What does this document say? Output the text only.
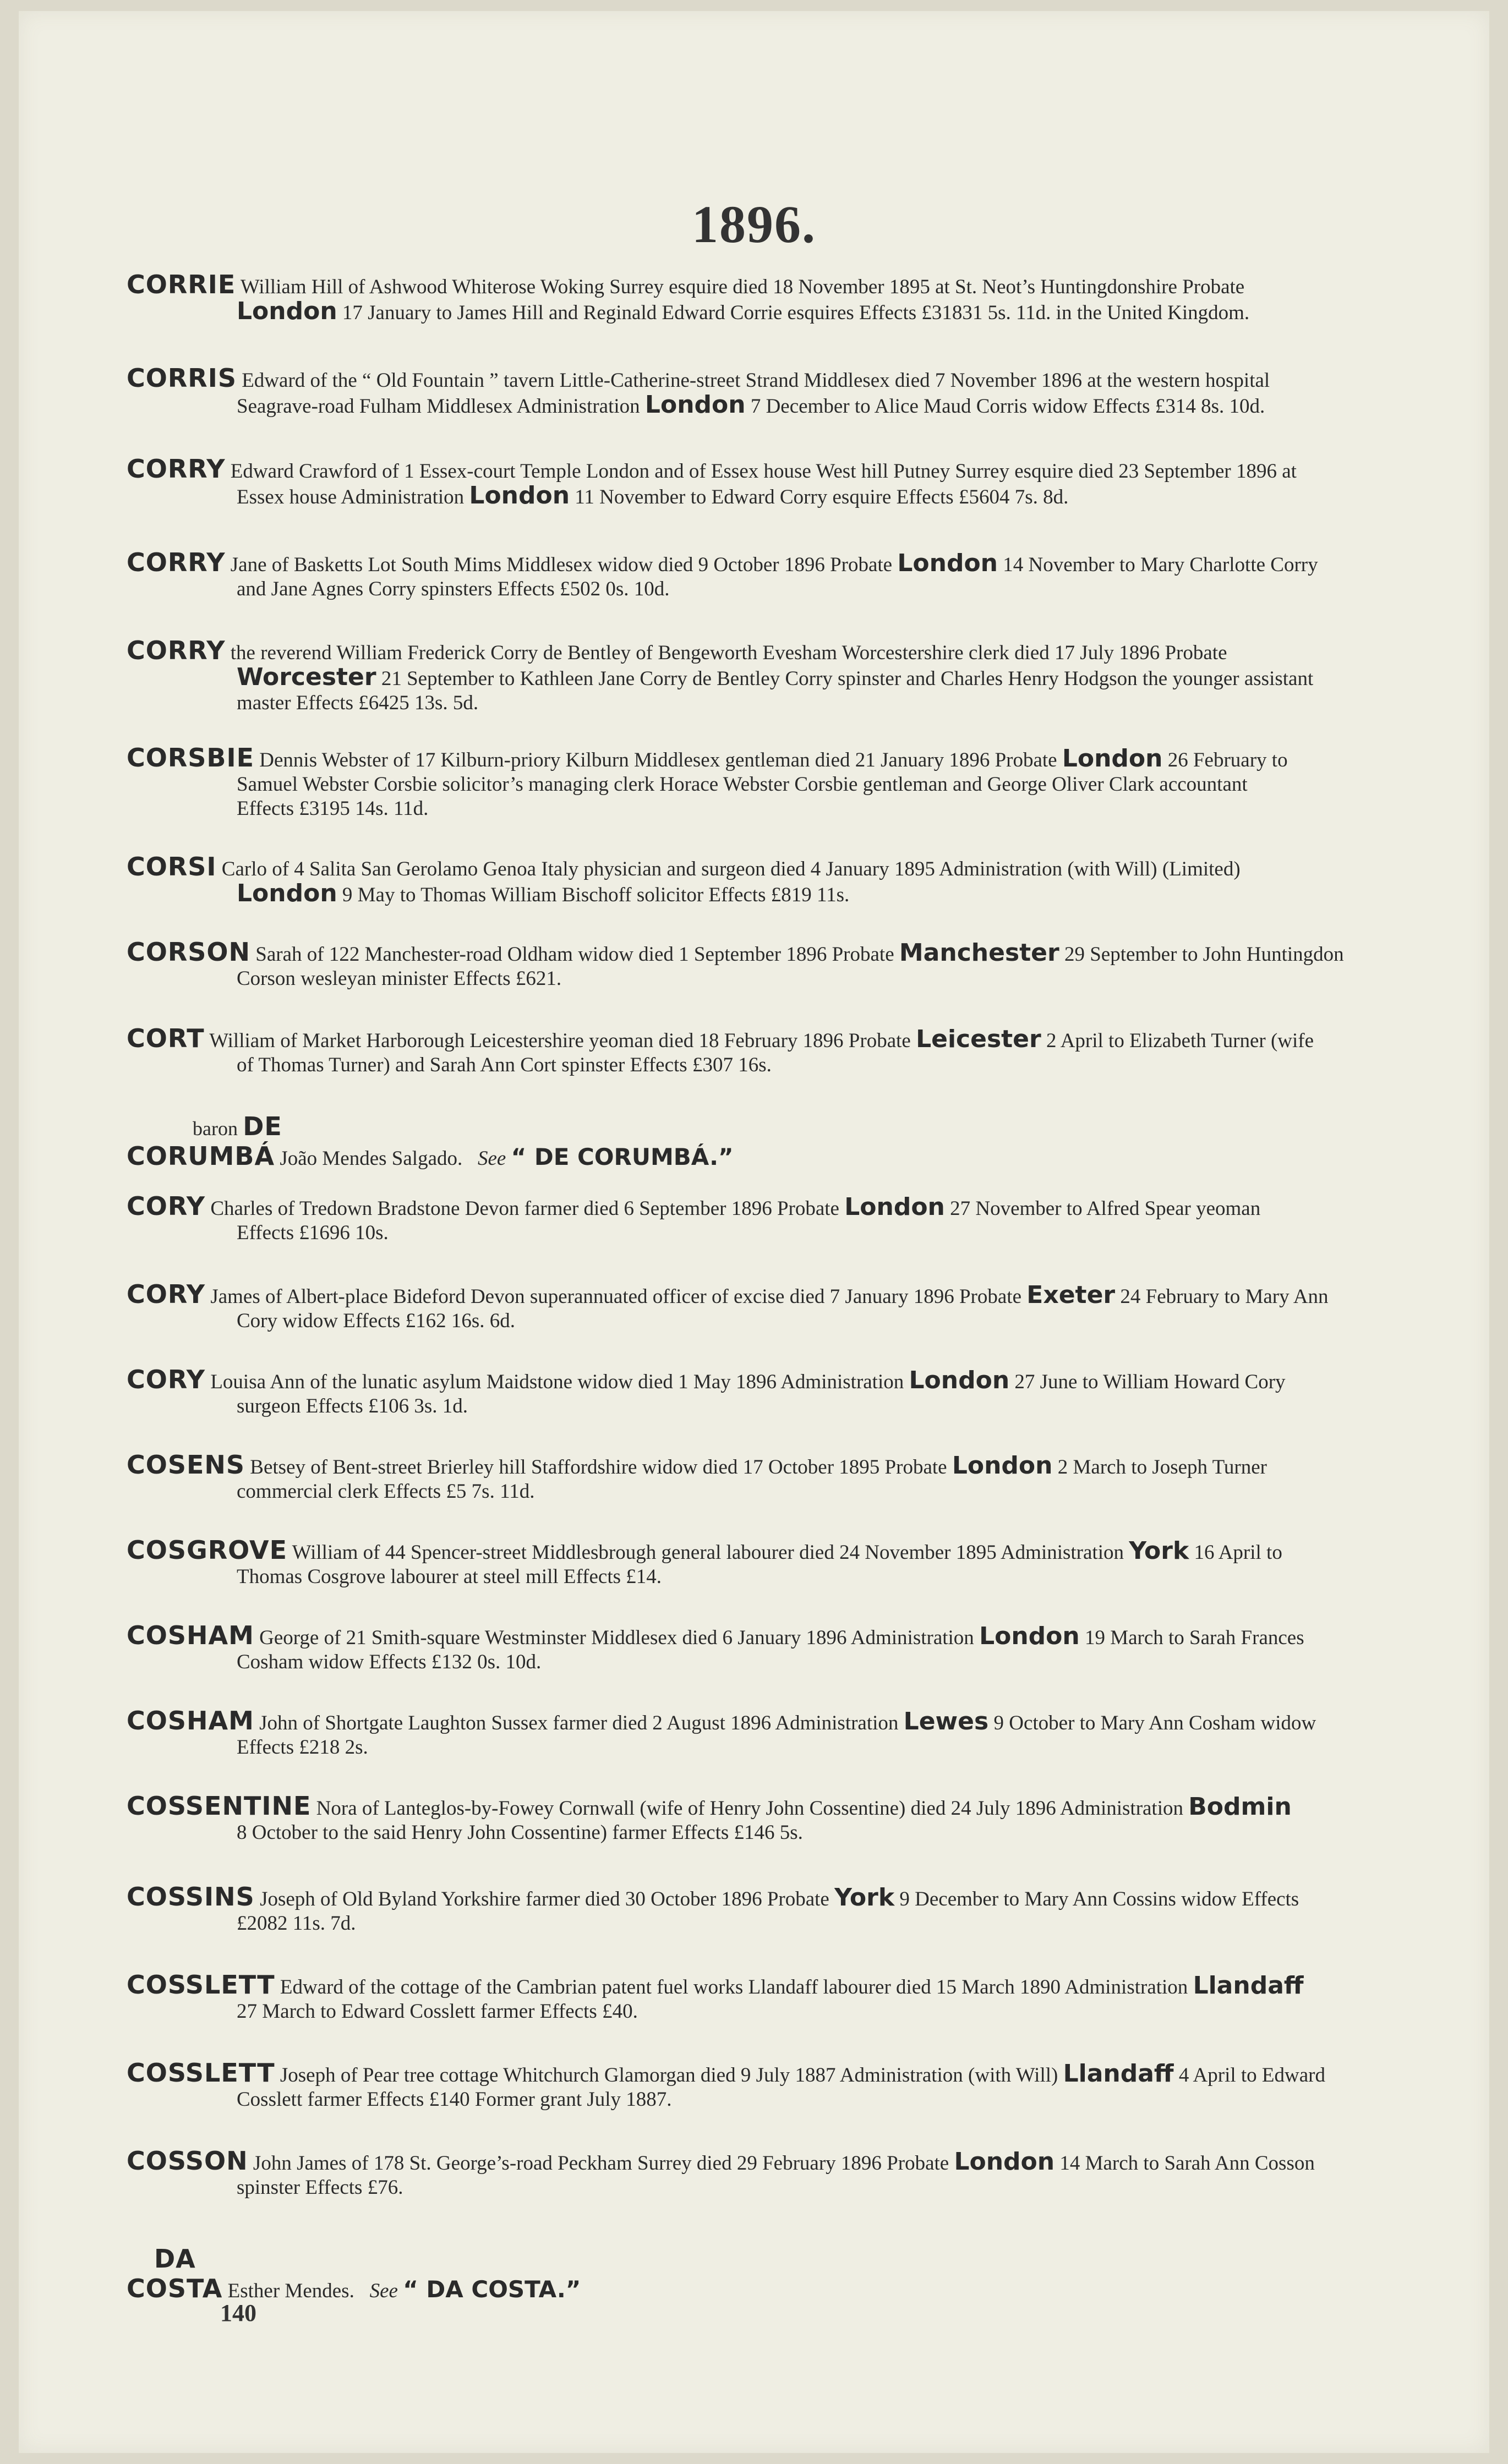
1896.
CORRIE William Hill of Ashwood Whiterose Woking Surrey esquire died 18 November 1895 at St. Neot’s Huntingdonshire Probate
London 17 January to James Hill and Reginald Edward Corrie esquires Effects £31831 5s. 11d. in the United Kingdom.
CORRIS Edward of the “ Old Fountain ” tavern Little-Catherine-street Strand Middlesex died 7 November 1896 at the western hospital
Seagrave-road Fulham Middlesex Administration London 7 December to Alice Maud Corris widow Effects £314 8s. 10d.
CORRY Edward Crawford of 1 Essex-court Temple London and of Essex house West hill Putney Surrey esquire died 23 September 1896 at
Essex house Administration London 11 November to Edward Corry esquire Effects £5604 7s. 8d.
CORRY Jane of Basketts Lot South Mims Middlesex widow died 9 October 1896 Probate London 14 November to Mary Charlotte Corry
and Jane Agnes Corry spinsters Effects £502 0s. 10d.
CORRY the reverend William Frederick Corry de Bentley of Bengeworth Evesham Worcestershire clerk died 17 July 1896 Probate
Worcester 21 September to Kathleen Jane Corry de Bentley Corry spinster and Charles Henry Hodgson the younger assistant
master Effects £6425 13s. 5d.
CORSBIE Dennis Webster of 17 Kilburn-priory Kilburn Middlesex gentleman died 21 January 1896 Probate London 26 February to
Samuel Webster Corsbie solicitor’s managing clerk Horace Webster Corsbie gentleman and George Oliver Clark accountant
Effects £3195 14s. 11d.
CORSI Carlo of 4 Salita San Gerolamo Genoa Italy physician and surgeon died 4 January 1895 Administration (with Will) (Limited)
London 9 May to Thomas William Bischoff solicitor Effects £819 11s.
CORSON Sarah of 122 Manchester-road Oldham widow died 1 September 1896 Probate Manchester 29 September to John Huntingdon
Corson wesleyan minister Effects £621.
CORT William of Market Harborough Leicestershire yeoman died 18 February 1896 Probate Leicester 2 April to Elizabeth Turner (wife
of Thomas Turner) and Sarah Ann Cort spinster Effects £307 16s.
baron DE
CORUMBÁ João Mendes Salgado. See “ DE CORUMBÁ.”
CORY Charles of Tredown Bradstone Devon farmer died 6 September 1896 Probate London 27 November to Alfred Spear yeoman
Effects £1696 10s.
CORY James of Albert-place Bideford Devon superannuated officer of excise died 7 January 1896 Probate Exeter 24 February to Mary Ann
Cory widow Effects £162 16s. 6d.
CORY Louisa Ann of the lunatic asylum Maidstone widow died 1 May 1896 Administration London 27 June to William Howard Cory
surgeon Effects £106 3s. 1d.
COSENS Betsey of Bent-street Brierley hill Staffordshire widow died 17 October 1895 Probate London 2 March to Joseph Turner
commercial clerk Effects £5 7s. 11d.
COSGROVE William of 44 Spencer-street Middlesbrough general labourer died 24 November 1895 Administration York 16 April to
Thomas Cosgrove labourer at steel mill Effects £14.
COSHAM George of 21 Smith-square Westminster Middlesex died 6 January 1896 Administration London 19 March to Sarah Frances
Cosham widow Effects £132 0s. 10d.
COSHAM John of Shortgate Laughton Sussex farmer died 2 August 1896 Administration Lewes 9 October to Mary Ann Cosham widow
Effects £218 2s.
COSSENTINE Nora of Lanteglos-by-Fowey Cornwall (wife of Henry John Cossentine) died 24 July 1896 Administration Bodmin
8 October to the said Henry John Cossentine) farmer Effects £146 5s.
COSSINS Joseph of Old Byland Yorkshire farmer died 30 October 1896 Probate York 9 December to Mary Ann Cossins widow Effects
£2082 11s. 7d.
COSSLETT Edward of the cottage of the Cambrian patent fuel works Llandaff labourer died 15 March 1890 Administration Llandaff
27 March to Edward Cosslett farmer Effects £40.
COSSLETT Joseph of Pear tree cottage Whitchurch Glamorgan died 9 July 1887 Administration (with Will) Llandaff 4 April to Edward
Cosslett farmer Effects £140 Former grant July 1887.
COSSON John James of 178 St. George’s-road Peckham Surrey died 29 February 1896 Probate London 14 March to Sarah Ann Cosson
spinster Effects £76.
DA
COSTA Esther Mendes. See “ DA COSTA.”
140
